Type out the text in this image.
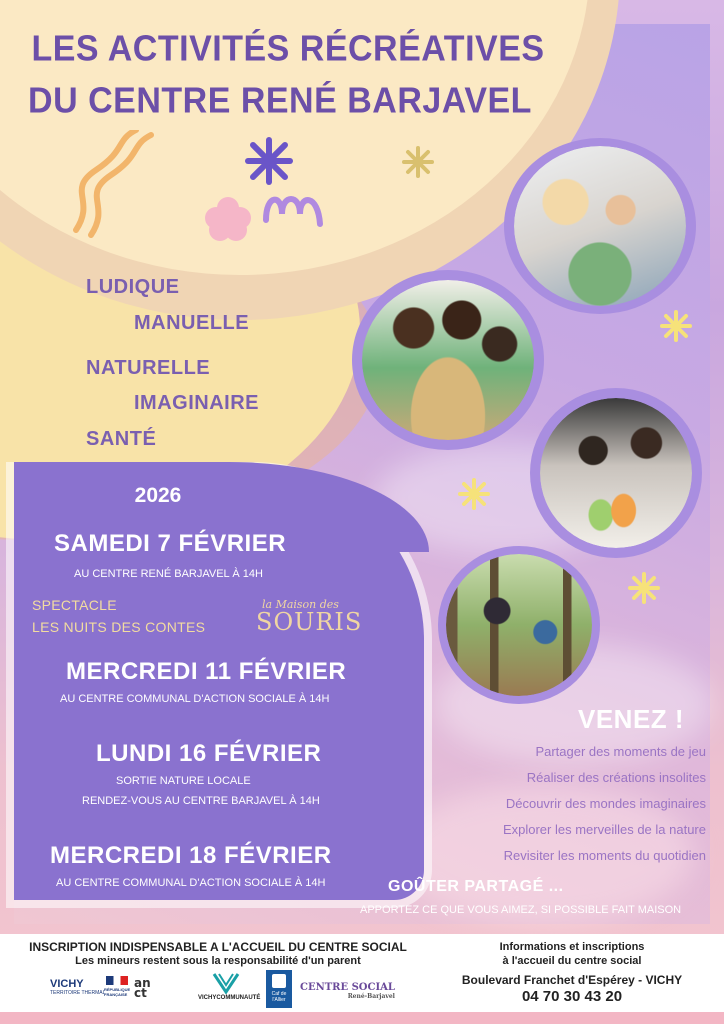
LES ACTIVITÉS RÉCRÉATIVES
DU CENTRE RENÉ BARJAVEL
LUDIQUE
MANUELLE
NATURELLE
IMAGINAIRE
SANTÉ
2026
SAMEDI 7 FÉVRIER
AU CENTRE RENÉ BARJAVEL À 14H
SPECTACLE
LES NUITS DES CONTES
la Maison des
SOURIS
MERCREDI 11 FÉVRIER
AU CENTRE COMMUNAL D'ACTION SOCIALE À 14H
LUNDI 16 FÉVRIER
SORTIE NATURE LOCALE
RENDEZ-VOUS AU CENTRE BARJAVEL À 14H
MERCREDI 18 FÉVRIER
AU CENTRE COMMUNAL D'ACTION SOCIALE À 14H
VENEZ !
Partager des moments de jeu
Réaliser des créations insolites
Découvrir des mondes imaginaires
Explorer les merveilles de la nature
Revisiter les moments du quotidien
GOÛTER PARTAGÉ ...
APPORTEZ CE QUE VOUS AIMEZ, SI POSSIBLE FAIT MAISON
INSCRIPTION INDISPENSABLE A L'ACCUEIL DU CENTRE SOCIAL
Les mineurs restent sous la responsabilité d'un parent
Informations et inscriptions
à l'accueil du centre social
Boulevard Franchet d'Espérey - VICHY
04 70 30 43 20
VICHY
TERRITOIRE THERMAL
RÉPUBLIQUE FRANÇAISE
an ct	VICHYCOMMUNAUTÉ
Caf de l'Allier
CENTRE SOCIAL
René-Barjavel
